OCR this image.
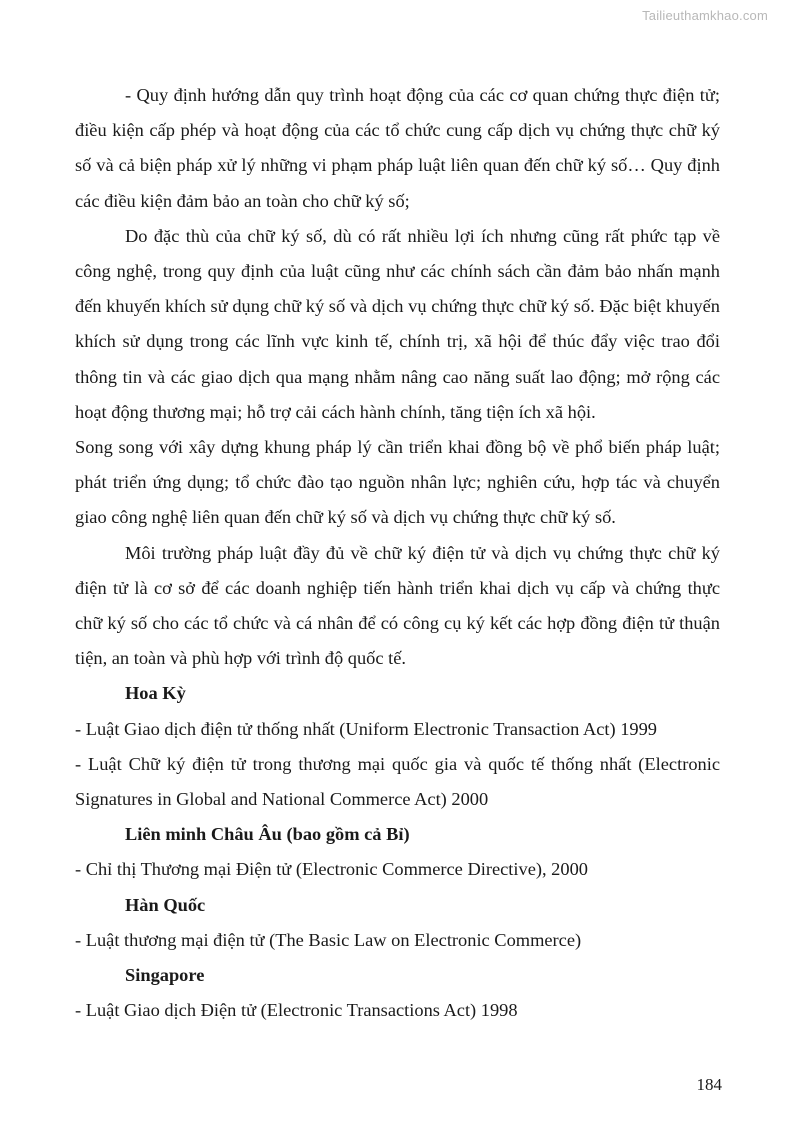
Tailieuthamkhao.com

- Quy định hướng dẫn quy trình hoạt động của các cơ quan chứng thực điện tử; điều kiện cấp phép và hoạt động của các tổ chức cung cấp dịch vụ chứng thực chữ ký số và cả biện pháp xử lý những vi phạm pháp luật liên quan đến chữ ký số… Quy định các điều kiện đảm bảo an toàn cho chữ ký số;

Do đặc thù của chữ ký số, dù có rất nhiều lợi ích nhưng cũng rất phức tạp về công nghệ, trong quy định của luật cũng như các chính sách cần đảm bảo nhấn mạnh đến khuyến khích sử dụng chữ ký số và dịch vụ chứng thực chữ ký số. Đặc biệt khuyến khích sử dụng trong các lĩnh vực kinh tế, chính trị, xã hội để thúc đẩy việc trao đổi thông tin và các giao dịch qua mạng nhằm nâng cao năng suất lao động; mở rộng các hoạt động thương mại; hỗ trợ cải cách hành chính, tăng tiện ích xã hội.

Song song với xây dựng khung pháp lý cần triển khai đồng bộ về phổ biến pháp luật; phát triển ứng dụng; tổ chức đào tạo nguồn nhân lực; nghiên cứu, hợp tác và chuyển giao công nghệ liên quan đến chữ ký số và dịch vụ chứng thực chữ ký số.

Môi trường pháp luật đầy đủ về chữ ký điện tử và dịch vụ chứng thực chữ ký điện tử là cơ sở để các doanh nghiệp tiến hành triển khai dịch vụ cấp và chứng thực chữ ký số cho các tổ chức và cá nhân để có công cụ ký kết các hợp đồng điện tử thuận tiện, an toàn và phù hợp với trình độ quốc tế.

Hoa Kỳ

- Luật Giao dịch điện tử thống nhất (Uniform Electronic Transaction Act) 1999

- Luật Chữ ký điện tử trong thương mại quốc gia và quốc tế thống nhất (Electronic Signatures in Global and National Commerce Act) 2000

Liên minh Châu Âu (bao gồm cả Bỉ)

- Chỉ thị Thương mại Điện tử (Electronic Commerce Directive), 2000

Hàn Quốc

- Luật thương mại điện tử (The Basic Law on Electronic Commerce)

Singapore

- Luật Giao dịch Điện tử (Electronic Transactions Act) 1998

184
